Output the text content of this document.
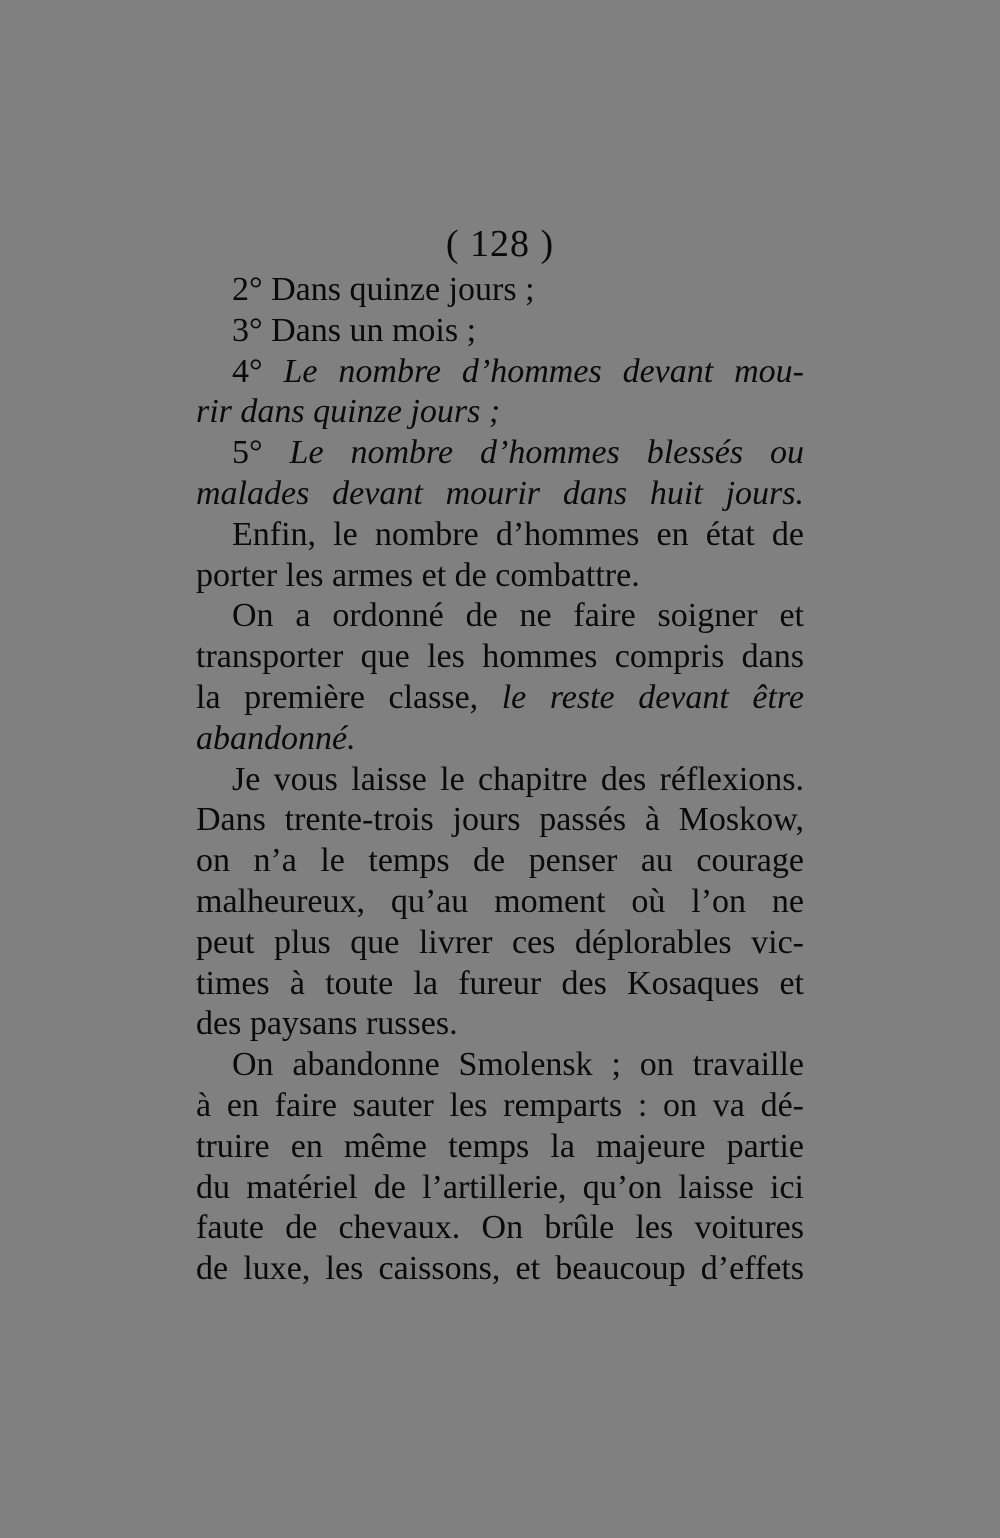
( 128 )
2° Dans quinze jours ;
3° Dans un mois ;
4° Le nombre d’hommes devant mou-
rir dans quinze jours ;
5° Le nombre d’hommes blessés ou
malades devant mourir dans huit jours.
Enfin, le nombre d’hommes en état de
porter les armes et de combattre.
On a ordonné de ne faire soigner et
transporter que les hommes compris dans
la première classe, le reste devant être
abandonné.
Je vous laisse le chapitre des réflexions.
Dans trente-trois jours passés à Moskow,
on n’a le temps de penser au courage
malheureux, qu’au moment où l’on ne
peut plus que livrer ces déplorables vic-
times à toute la fureur des Kosaques et
des paysans russes.
On abandonne Smolensk ; on travaille
à en faire sauter les remparts : on va dé-
truire en même temps la majeure partie
du matériel de l’artillerie, qu’on laisse ici
faute de chevaux. On brûle les voitures
de luxe, les caissons, et beaucoup d’effets
